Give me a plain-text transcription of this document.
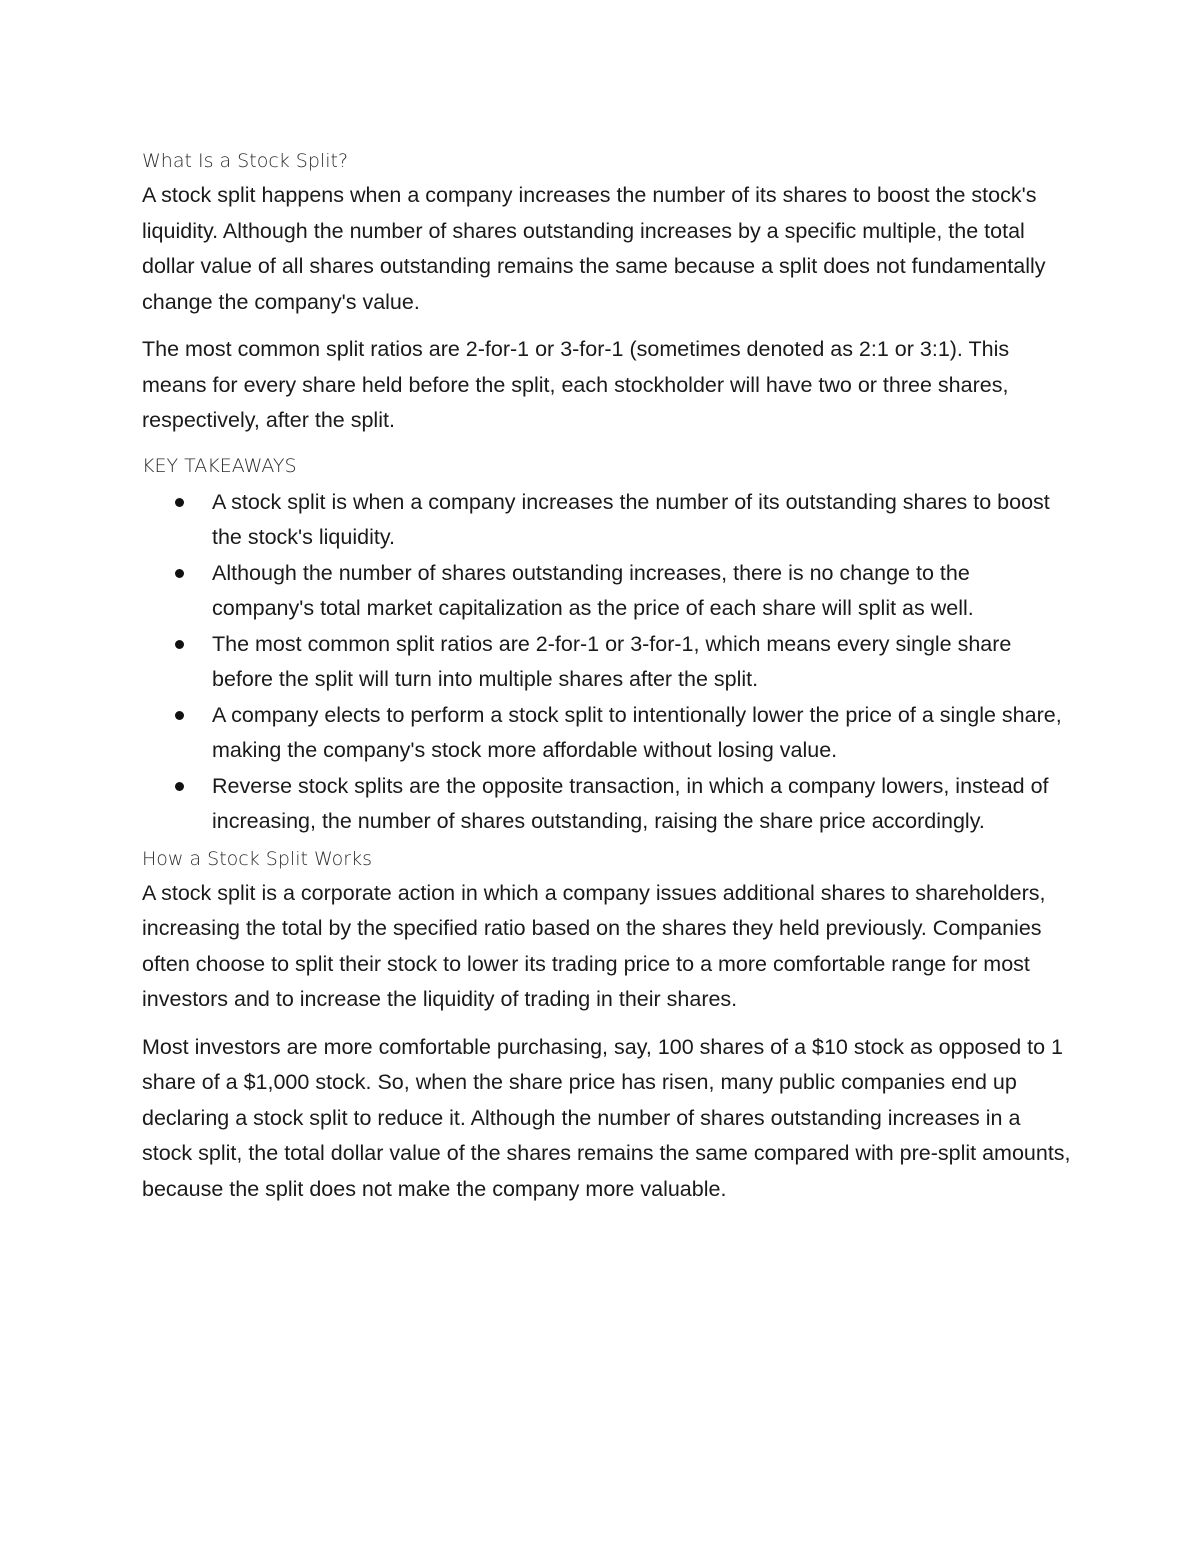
What Is a Stock Split?

A stock split happens when a company increases the number of its shares to boost the stock's liquidity. Although the number of shares outstanding increases by a specific multiple, the total dollar value of all shares outstanding remains the same because a split does not fundamentally change the company's value.

The most common split ratios are 2-for-1 or 3-for-1 (sometimes denoted as 2:1 or 3:1). This means for every share held before the split, each stockholder will have two or three shares, respectively, after the split.

KEY TAKEAWAYS

A stock split is when a company increases the number of its outstanding shares to boost the stock's liquidity.
Although the number of shares outstanding increases, there is no change to the company's total market capitalization as the price of each share will split as well.
The most common split ratios are 2-for-1 or 3-for-1, which means every single share before the split will turn into multiple shares after the split.
A company elects to perform a stock split to intentionally lower the price of a single share, making the company's stock more affordable without losing value.
Reverse stock splits are the opposite transaction, in which a company lowers, instead of increasing, the number of shares outstanding, raising the share price accordingly.

How a Stock Split Works

A stock split is a corporate action in which a company issues additional shares to shareholders, increasing the total by the specified ratio based on the shares they held previously. Companies often choose to split their stock to lower its trading price to a more comfortable range for most investors and to increase the liquidity of trading in their shares.

Most investors are more comfortable purchasing, say, 100 shares of a $10 stock as opposed to 1 share of a $1,000 stock. So, when the share price has risen, many public companies end up declaring a stock split to reduce it. Although the number of shares outstanding increases in a stock split, the total dollar value of the shares remains the same compared with pre-split amounts, because the split does not make the company more valuable.
